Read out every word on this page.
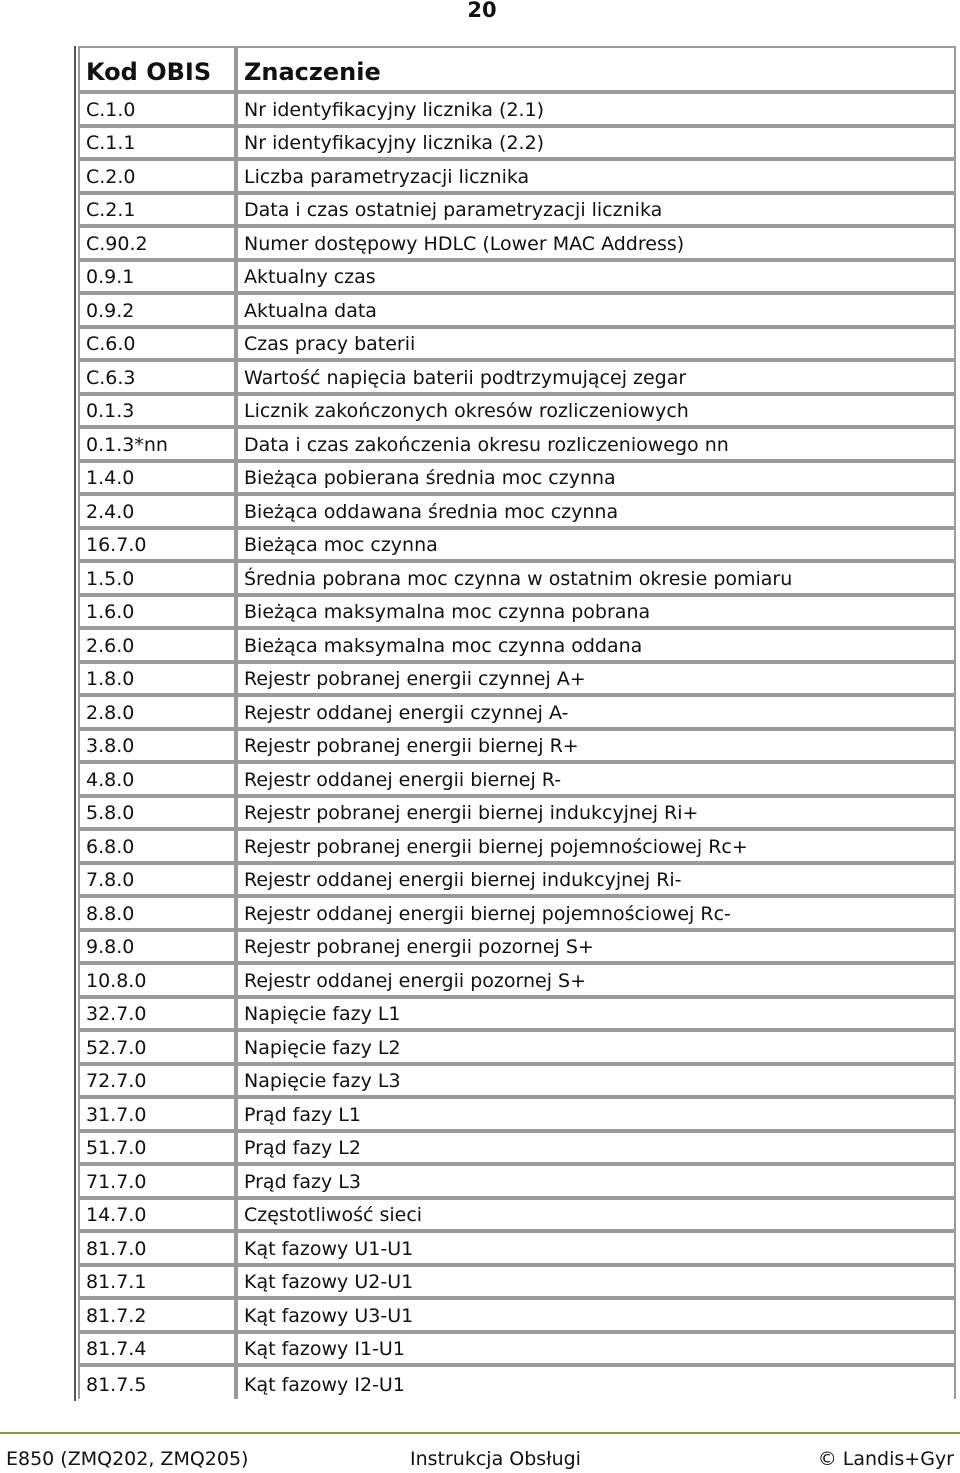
20
Kod OBIS	Znaczenie
C.1.0	Nr identyfikacyjny licznika (2.1)
C.1.1	Nr identyfikacyjny licznika (2.2)
C.2.0	Liczba parametryzacji licznika
C.2.1	Data i czas ostatniej parametryzacji licznika
C.90.2	Numer dostępowy HDLC (Lower MAC Address)
0.9.1	Aktualny czas
0.9.2	Aktualna data
C.6.0	Czas pracy baterii
C.6.3	Wartość napięcia baterii podtrzymującej zegar
0.1.3	Licznik zakończonych okresów rozliczeniowych
0.1.3*nn	Data i czas zakończenia okresu rozliczeniowego nn
1.4.0	Bieżąca pobierana średnia moc czynna
2.4.0	Bieżąca oddawana średnia moc czynna
16.7.0	Bieżąca moc czynna
1.5.0	Średnia pobrana moc czynna w ostatnim okresie pomiaru
1.6.0	Bieżąca maksymalna moc czynna pobrana
2.6.0	Bieżąca maksymalna moc czynna oddana
1.8.0	Rejestr pobranej energii czynnej A+
2.8.0	Rejestr oddanej energii czynnej A-
3.8.0	Rejestr pobranej energii biernej R+
4.8.0	Rejestr oddanej energii biernej R-
5.8.0	Rejestr pobranej energii biernej indukcyjnej Ri+
6.8.0	Rejestr pobranej energii biernej pojemnościowej Rc+
7.8.0	Rejestr oddanej energii biernej indukcyjnej Ri-
8.8.0	Rejestr oddanej energii biernej pojemnościowej Rc-
9.8.0	Rejestr pobranej energii pozornej S+
10.8.0	Rejestr oddanej energii pozornej S+
32.7.0	Napięcie fazy L1
52.7.0	Napięcie fazy L2
72.7.0	Napięcie fazy L3
31.7.0	Prąd fazy L1
51.7.0	Prąd fazy L2
71.7.0	Prąd fazy L3
14.7.0	Częstotliwość sieci
81.7.0	Kąt fazowy U1-U1
81.7.1	Kąt fazowy U2-U1
81.7.2	Kąt fazowy U3-U1
81.7.4	Kąt fazowy I1-U1
81.7.5	Kąt fazowy I2-U1
E850 (ZMQ202, ZMQ205)	Instrukcja Obsługi	© Landis+Gyr
